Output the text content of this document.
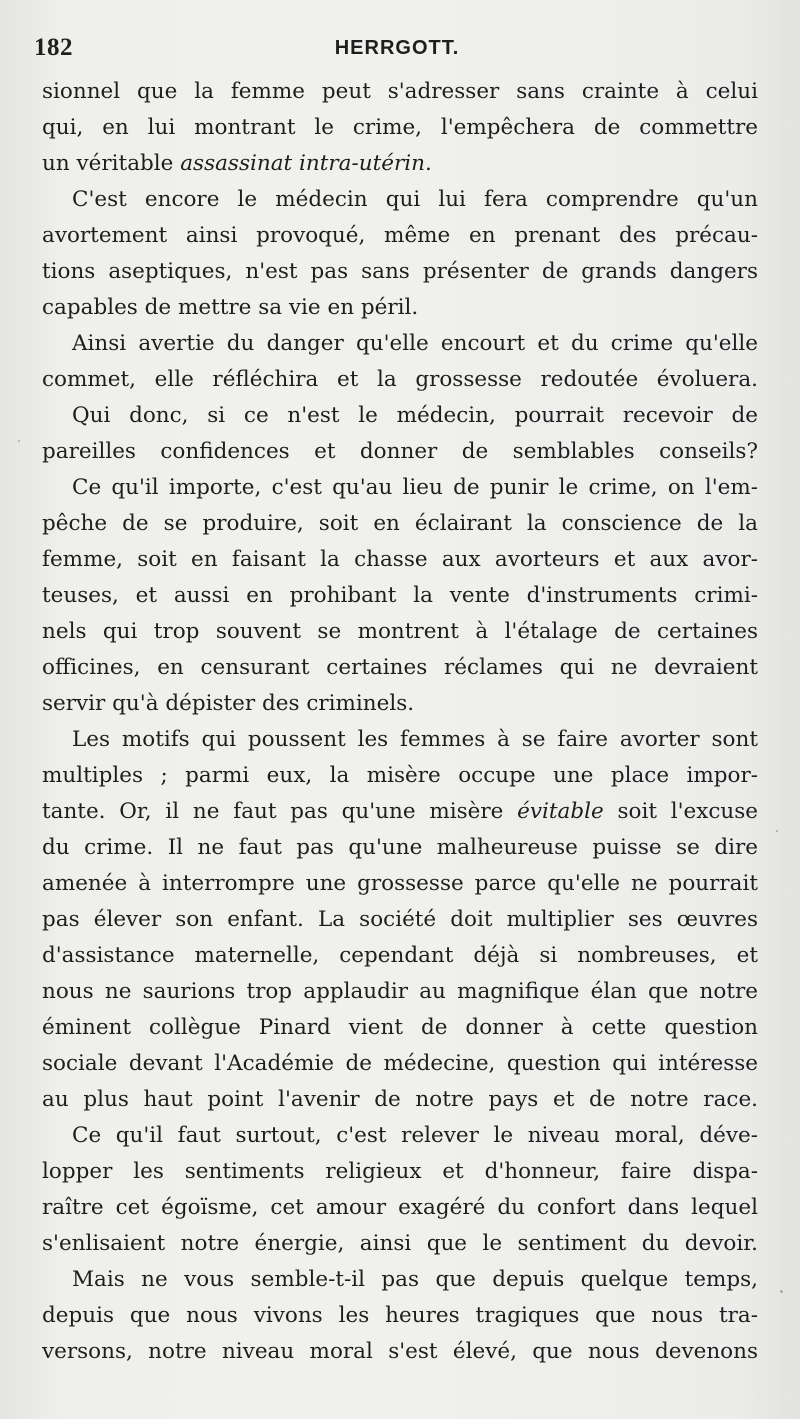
182	HERRGOTT.
sionnel que la femme peut s'adresser sans crainte à celui
qui, en lui montrant le crime, l'empêchera de commettre
un véritable assassinat intra-utérin.
C'est encore le médecin qui lui fera comprendre qu'un
avortement ainsi provoqué, même en prenant des précau-
tions aseptiques, n'est pas sans présenter de grands dangers
capables de mettre sa vie en péril.
Ainsi avertie du danger qu'elle encourt et du crime qu'elle
commet, elle réfléchira et la grossesse redoutée évoluera.
Qui donc, si ce n'est le médecin, pourrait recevoir de
pareilles confidences et donner de semblables conseils?
Ce qu'il importe, c'est qu'au lieu de punir le crime, on l'em-
pêche de se produire, soit en éclairant la conscience de la
femme, soit en faisant la chasse aux avorteurs et aux avor-
teuses, et aussi en prohibant la vente d'instruments crimi-
nels qui trop souvent se montrent à l'étalage de certaines
officines, en censurant certaines réclames qui ne devraient
servir qu'à dépister des criminels.
Les motifs qui poussent les femmes à se faire avorter sont
multiples ; parmi eux, la misère occupe une place impor-
tante. Or, il ne faut pas qu'une misère évitable soit l'excuse
du crime. Il ne faut pas qu'une malheureuse puisse se dire
amenée à interrompre une grossesse parce qu'elle ne pourrait
pas élever son enfant. La société doit multiplier ses œuvres
d'assistance maternelle, cependant déjà si nombreuses, et
nous ne saurions trop applaudir au magnifique élan que notre
éminent collègue Pinard vient de donner à cette question
sociale devant l'Académie de médecine, question qui intéresse
au plus haut point l'avenir de notre pays et de notre race.
Ce qu'il faut surtout, c'est relever le niveau moral, déve-
lopper les sentiments religieux et d'honneur, faire dispa-
raître cet égoïsme, cet amour exagéré du confort dans lequel
s'enlisaient notre énergie, ainsi que le sentiment du devoir.
Mais ne vous semble-t-il pas que depuis quelque temps,
depuis que nous vivons les heures tragiques que nous tra-
versons, notre niveau moral s'est élevé, que nous devenons
